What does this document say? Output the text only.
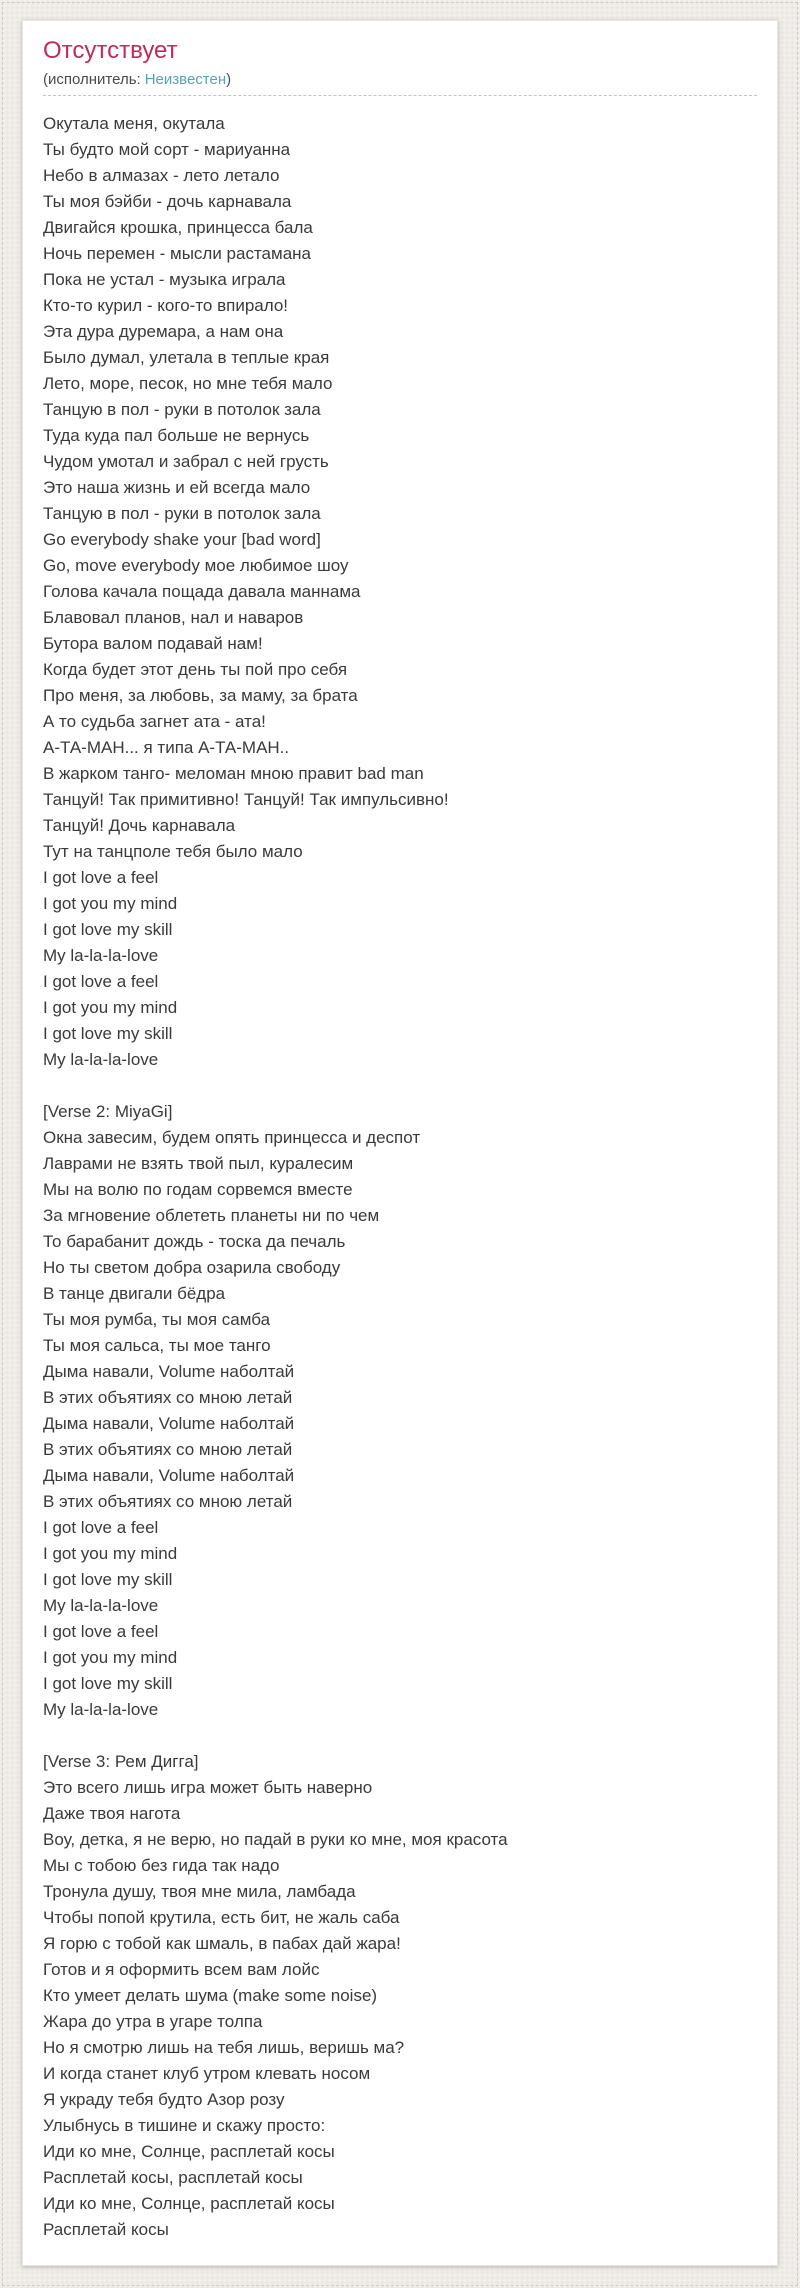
Отсутствует
(исполнитель: Неизвестен)
Окутала меня, окутала
Ты будто мой сорт - мариуанна
Небо в алмазах - лето летало
Ты моя бэйби - дочь карнавала
Двигайся крошка, принцесса бала
Ночь перемен - мысли растамана
Пока не устал - музыка играла
Кто-то курил - кого-то впирало!
Эта дура дуремара, а нам она
Было думал, улетала в теплые края
Лето, море, песок, но мне тебя мало
Танцую в пол - руки в потолок зала
Туда куда пал больше не вернусь
Чудом умотал и забрал с ней грусть
Это наша жизнь и ей всегда мало
Танцую в пол - руки в потолок зала
Go everybody shake your [bad word]
Go, move everybody мое любимое шоу
Голова качала пощада давала маннама
Блавовал планов, нал и наваров
Бутора валом подавай нам!
Когда будет этот день ты пой про себя
Про меня, за любовь, за маму, за брата
А то судьба загнет ата - ата!
А-ТА-МАН... я типа А-ТА-МАН..
В жарком танго- меломан мною правит bad man
Танцуй! Так примитивно! Танцуй! Так импульсивно!
Танцуй! Дочь карнавала
Тут на танцполе тебя было мало
I got love a feel
I got you my mind
I got love my skill
My la-la-la-love
I got love a feel
I got you my mind
I got love my skill
My la-la-la-love

[Verse 2: MiyaGi]
Окна завесим, будем опять принцесса и деспот
Лаврами не взять твой пыл, куралесим
Мы на волю по годам сорвемся вместе
За мгновение облететь планеты ни по чем
То барабанит дождь - тоска да печаль
Но ты светом добра озарила свободу
В танце двигали бёдра
Ты моя румба, ты моя самба
Ты моя сальса, ты мое танго
Дыма навали, Volume наболтай
В этих объятиях со мною летай
Дыма навали, Volume наболтай
В этих объятиях со мною летай
Дыма навали, Volume наболтай
В этих объятиях со мною летай
I got love a feel
I got you my mind
I got love my skill
My la-la-la-love
I got love a feel
I got you my mind
I got love my skill
My la-la-la-love

[Verse 3: Рем Дигга]
Это всего лишь игра может быть наверно
Даже твоя нагота
Воу, детка, я не верю, но падай в руки ко мне, моя красота
Мы с тобою без гида так надо
Тронула душу, твоя мне мила, ламбада
Чтобы попой крутила, есть бит, не жаль саба
Я горю с тобой как шмаль, в пабах дай жара!
Готов и я оформить всем вам лойс
Кто умеет делать шума (make some noise)
Жара до утра в угаре толпа
Но я смотрю лишь на тебя лишь, веришь ма?
И когда станет клуб утром клевать носом
Я украду тебя будто Азор розу
Улыбнусь в тишине и скажу просто:
Иди ко мне, Солнце, расплетай косы
Расплетай косы, расплетай косы
Иди ко мне, Солнце, расплетай косы
Расплетай косы
